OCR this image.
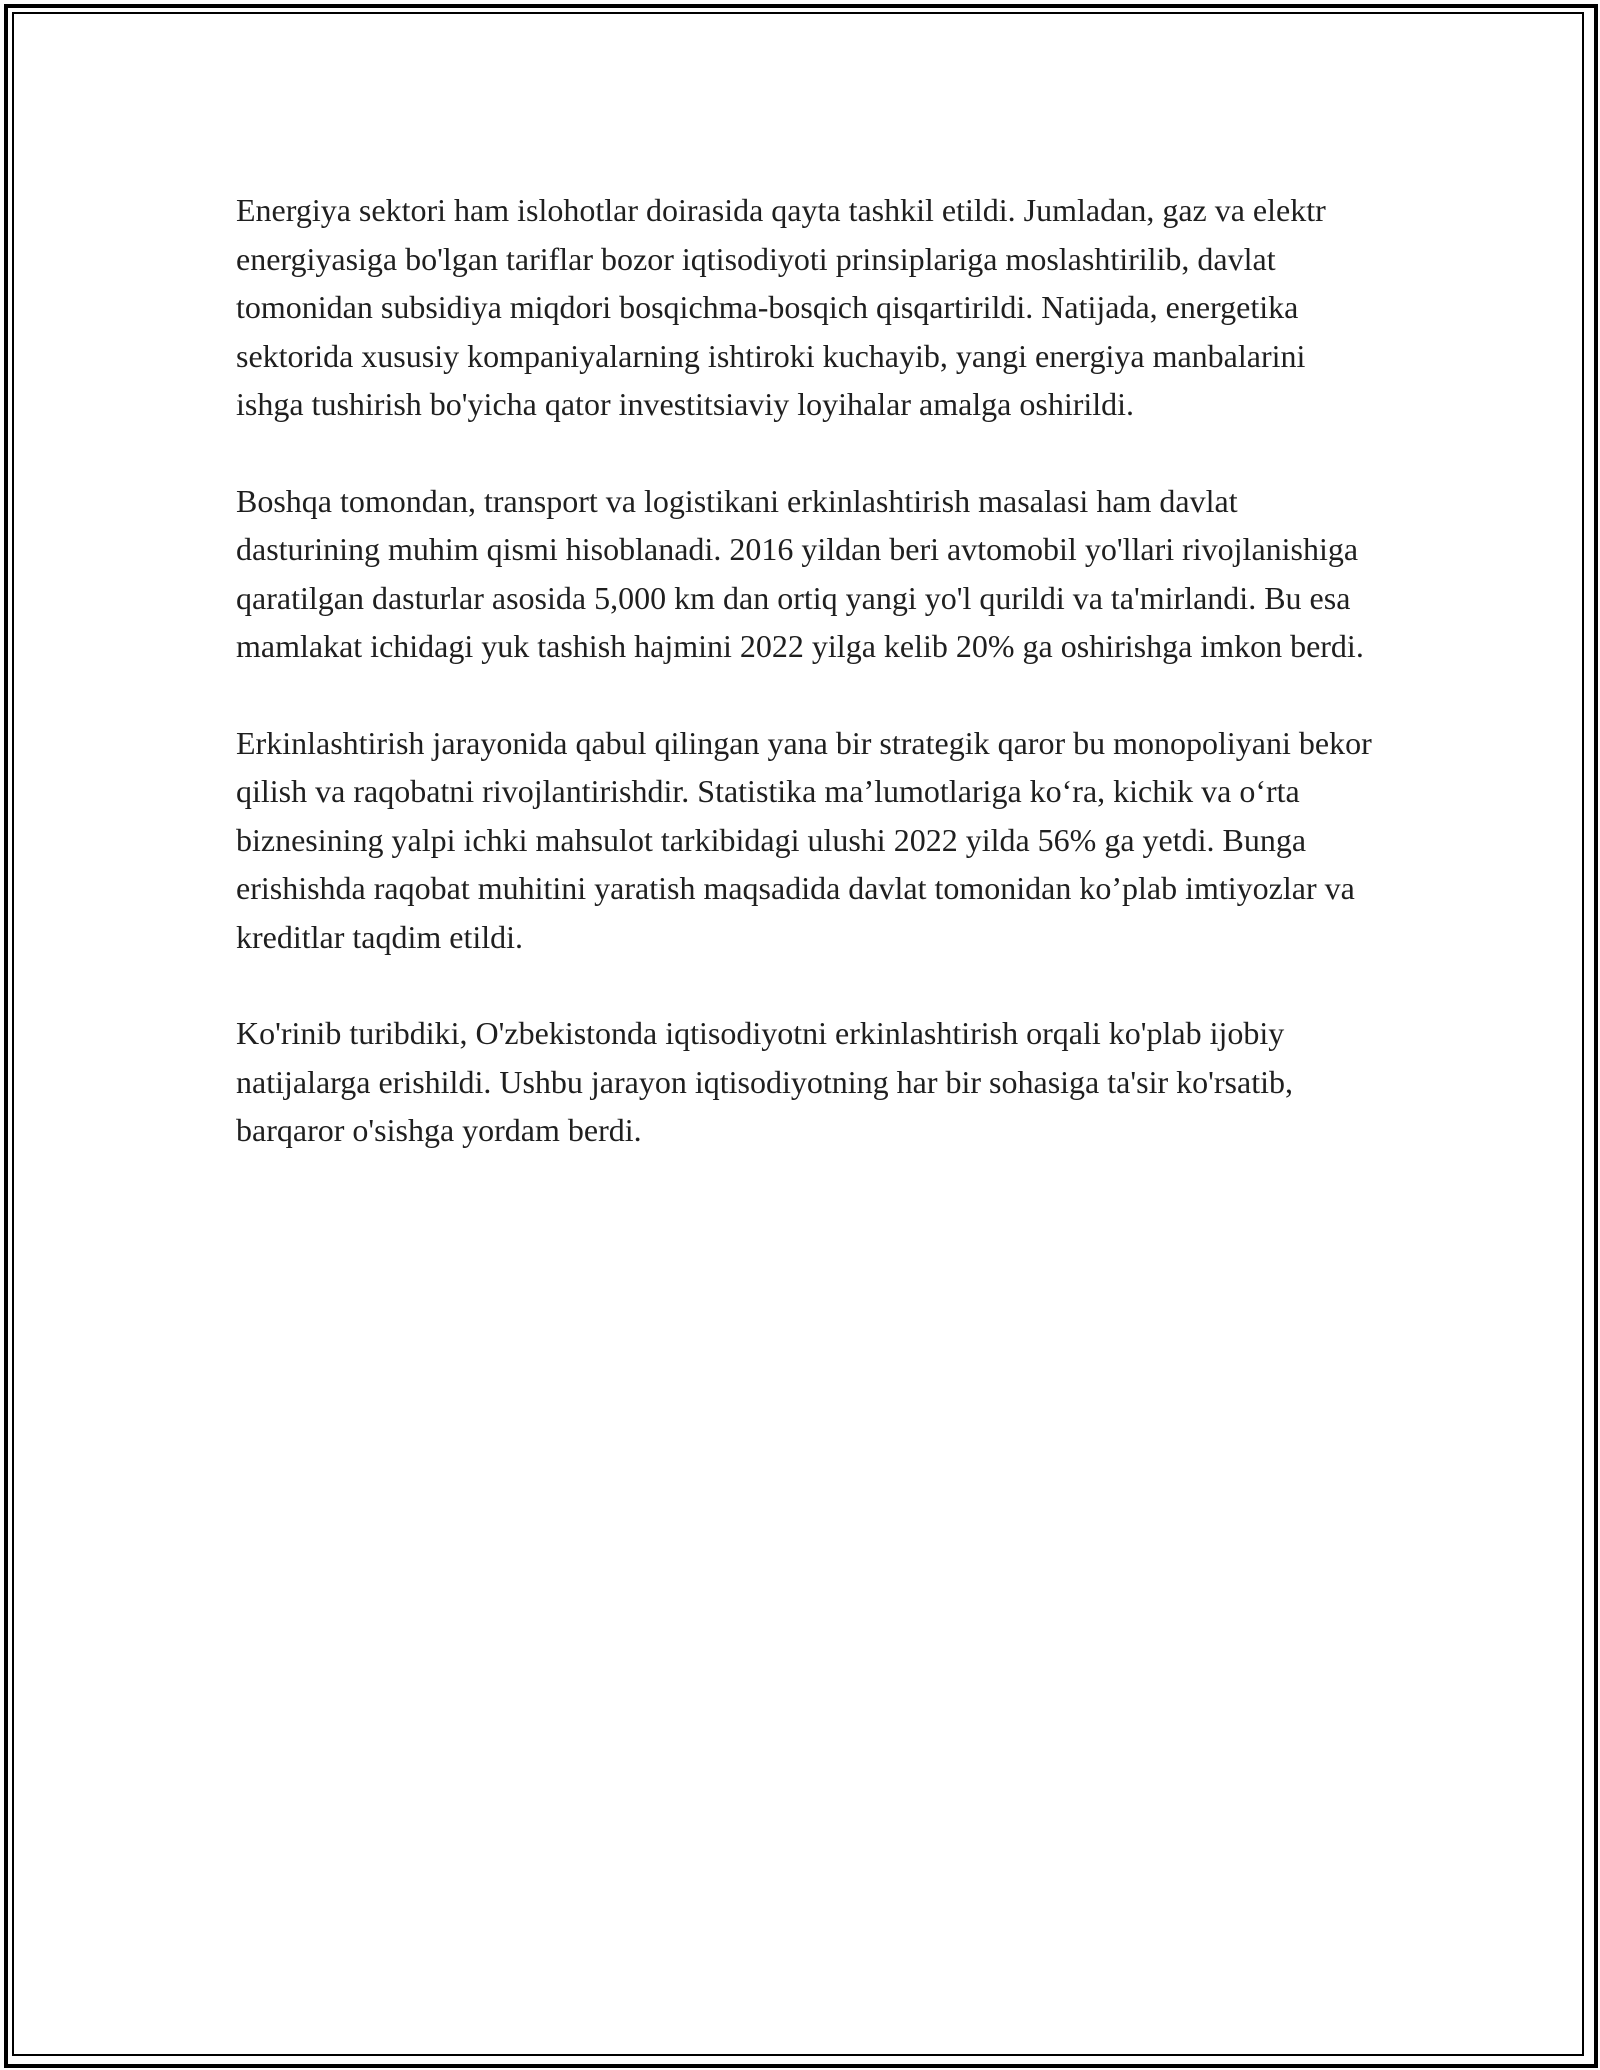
Energiya sektori ham islohotlar doirasida qayta tashkil etildi. Jumladan, gaz va elektr energiyasiga bo'lgan tariflar bozor iqtisodiyoti prinsiplariga moslashtirilib, davlat tomonidan subsidiya miqdori bosqichma-bosqich qisqartirildi. Natijada, energetika sektorida xususiy kompaniyalarning ishtiroki kuchayib, yangi energiya manbalarini ishga tushirish bo'yicha qator investitsiaviy loyihalar amalga oshirildi.

Boshqa tomondan, transport va logistikani erkinlashtirish masalasi ham davlat dasturining muhim qismi hisoblanadi. 2016 yildan beri avtomobil yo'llari rivojlanishiga qaratilgan dasturlar asosida 5,000 km dan ortiq yangi yo'l qurildi va ta'mirlandi. Bu esa mamlakat ichidagi yuk tashish hajmini 2022 yilga kelib 20% ga oshirishga imkon berdi.

Erkinlashtirish jarayonida qabul qilingan yana bir strategik qaror bu monopoliyani bekor qilish va raqobatni rivojlantirishdir. Statistika ma’lumotlariga ko‘ra, kichik va o‘rta biznesining yalpi ichki mahsulot tarkibidagi ulushi 2022 yilda 56% ga yetdi. Bunga erishishda raqobat muhitini yaratish maqsadida davlat tomonidan ko’plab imtiyozlar va kreditlar taqdim etildi.

Ko'rinib turibdiki, O'zbekistonda iqtisodiyotni erkinlashtirish orqali ko'plab ijobiy natijalarga erishildi. Ushbu jarayon iqtisodiyotning har bir sohasiga ta'sir ko'rsatib, barqaror o'sishga yordam berdi.
